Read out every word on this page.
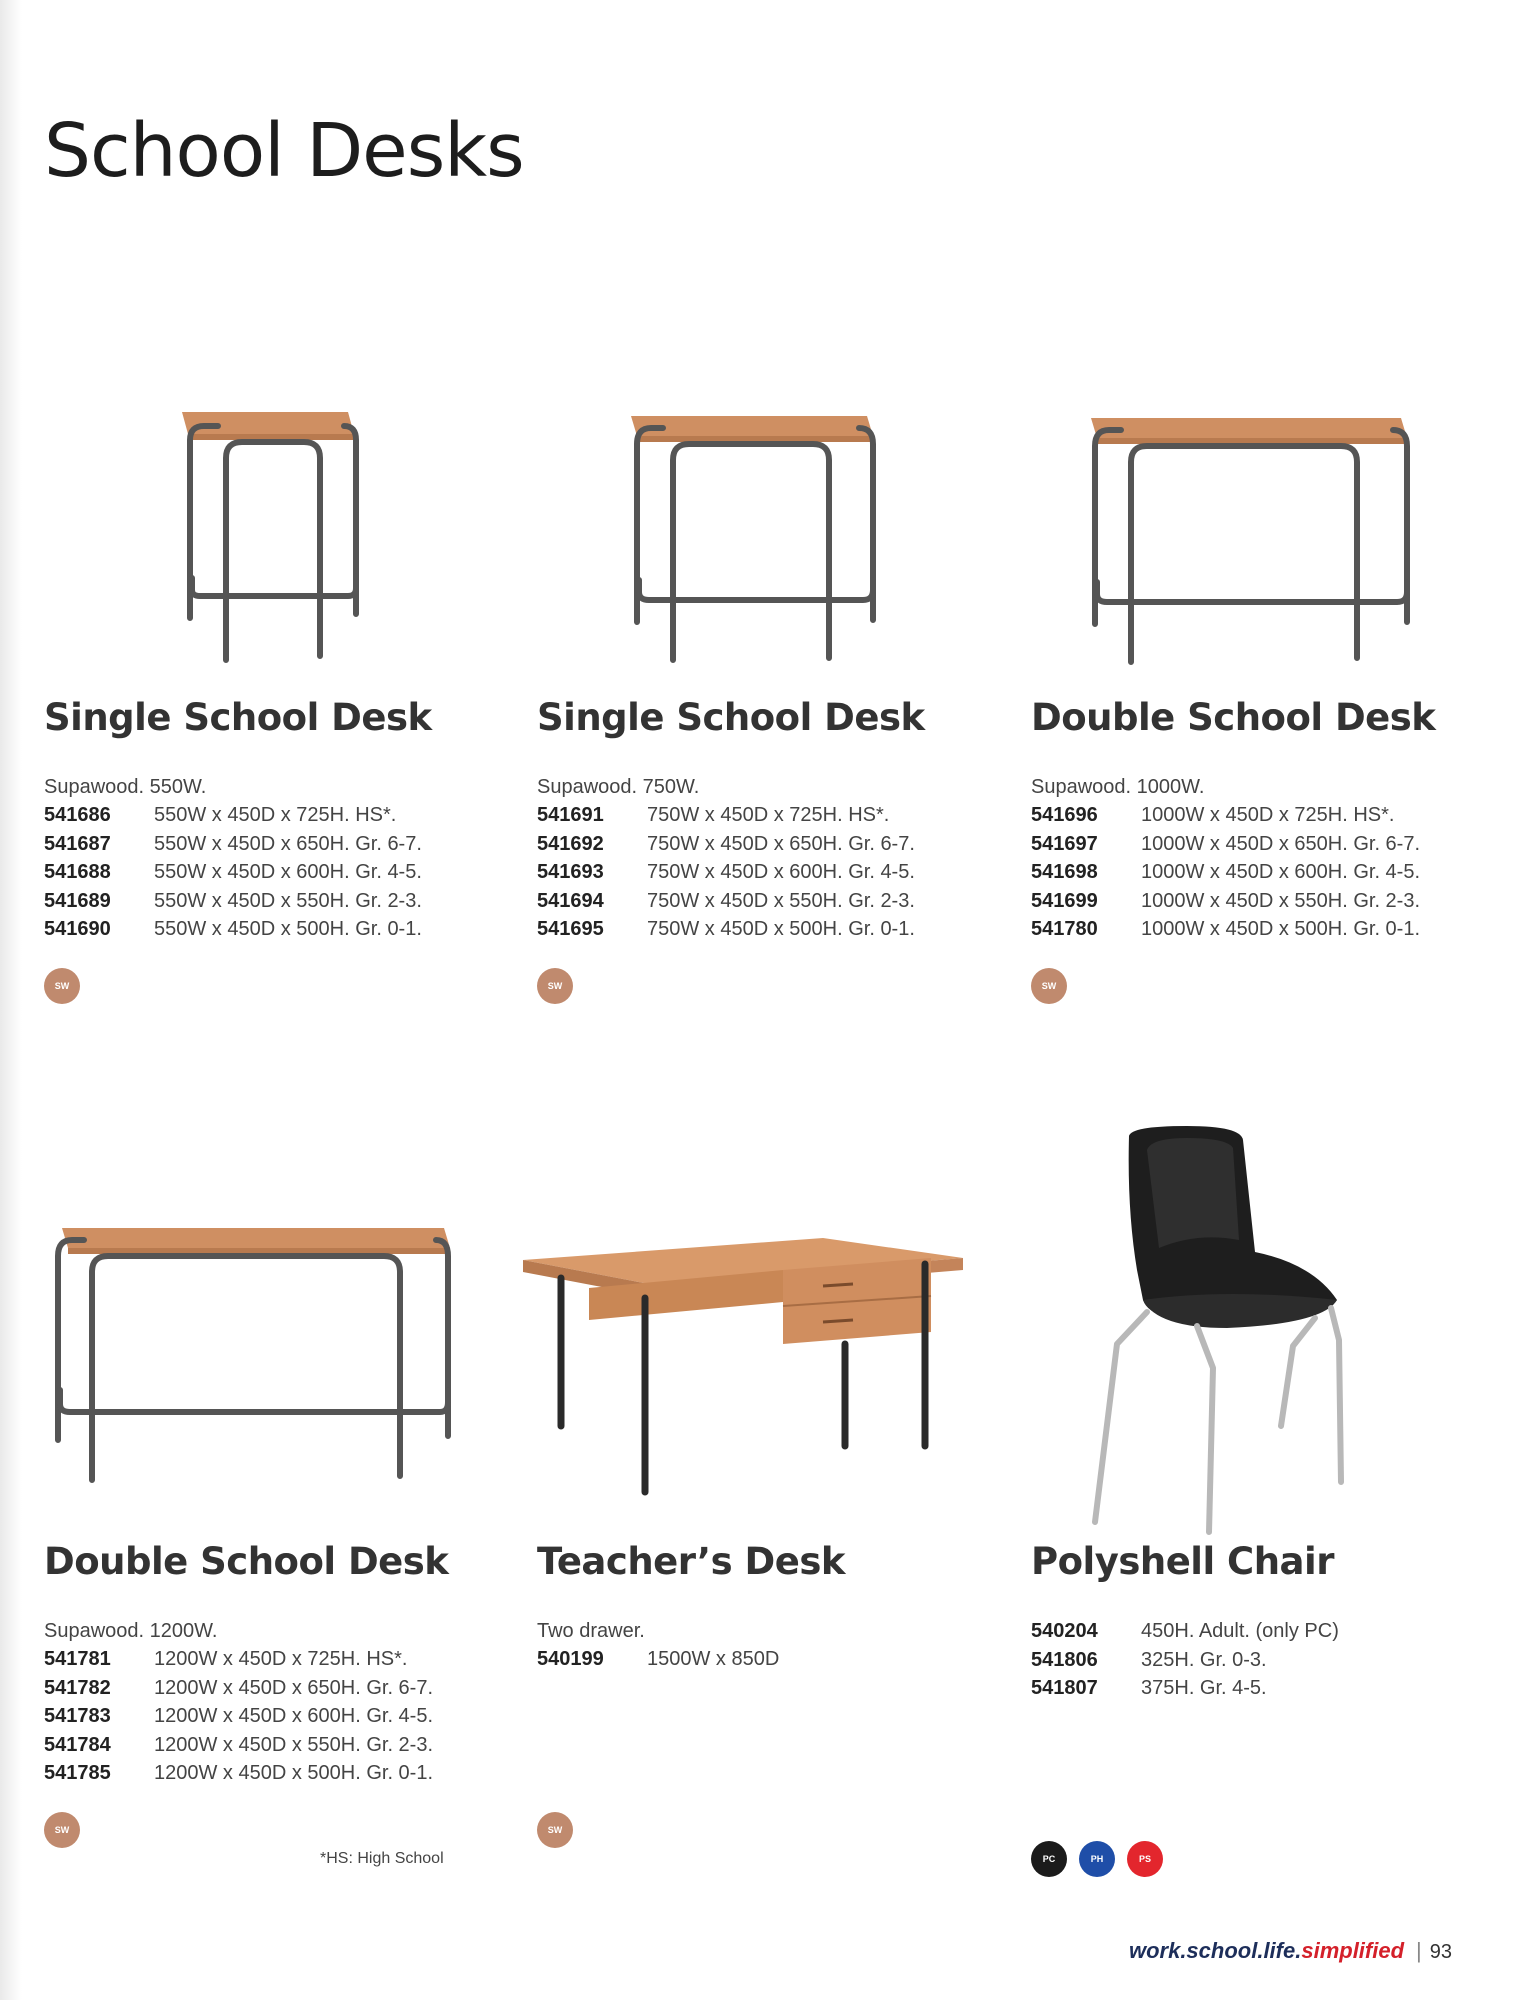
School Desks
Single School Desk
Supawood. 550W.
541686 550W x 450D x 725H. HS*.
541687 550W x 450D x 650H. Gr. 6-7.
541688 550W x 450D x 600H. Gr. 4-5.
541689 550W x 450D x 550H. Gr. 2-3.
541690 550W x 450D x 500H. Gr. 0-1.
SW
Single School Desk
Supawood. 750W.
541691 750W x 450D x 725H. HS*.
541692 750W x 450D x 650H. Gr. 6-7.
541693 750W x 450D x 600H. Gr. 4-5.
541694 750W x 450D x 550H. Gr. 2-3.
541695 750W x 450D x 500H. Gr. 0-1.
SW
Double School Desk
Supawood. 1000W.
541696 1000W x 450D x 725H. HS*.
541697 1000W x 450D x 650H. Gr. 6-7.
541698 1000W x 450D x 600H. Gr. 4-5.
541699 1000W x 450D x 550H. Gr. 2-3.
541780 1000W x 450D x 500H. Gr. 0-1.
SW
Double School Desk
Supawood. 1200W.
541781 1200W x 450D x 725H. HS*.
541782 1200W x 450D x 650H. Gr. 6-7.
541783 1200W x 450D x 600H. Gr. 4-5.
541784 1200W x 450D x 550H. Gr. 2-3.
541785 1200W x 450D x 500H. Gr. 0-1.
SW
Teacher’s Desk
Two drawer.
540199 1500W x 850D
SW
Polyshell Chair
540204 450H. Adult. (only PC)
541806 325H. Gr. 0-3.
541807 375H. Gr. 4-5.
PC	PH	PS
*HS: High School
work.school.life.simplified | 93
